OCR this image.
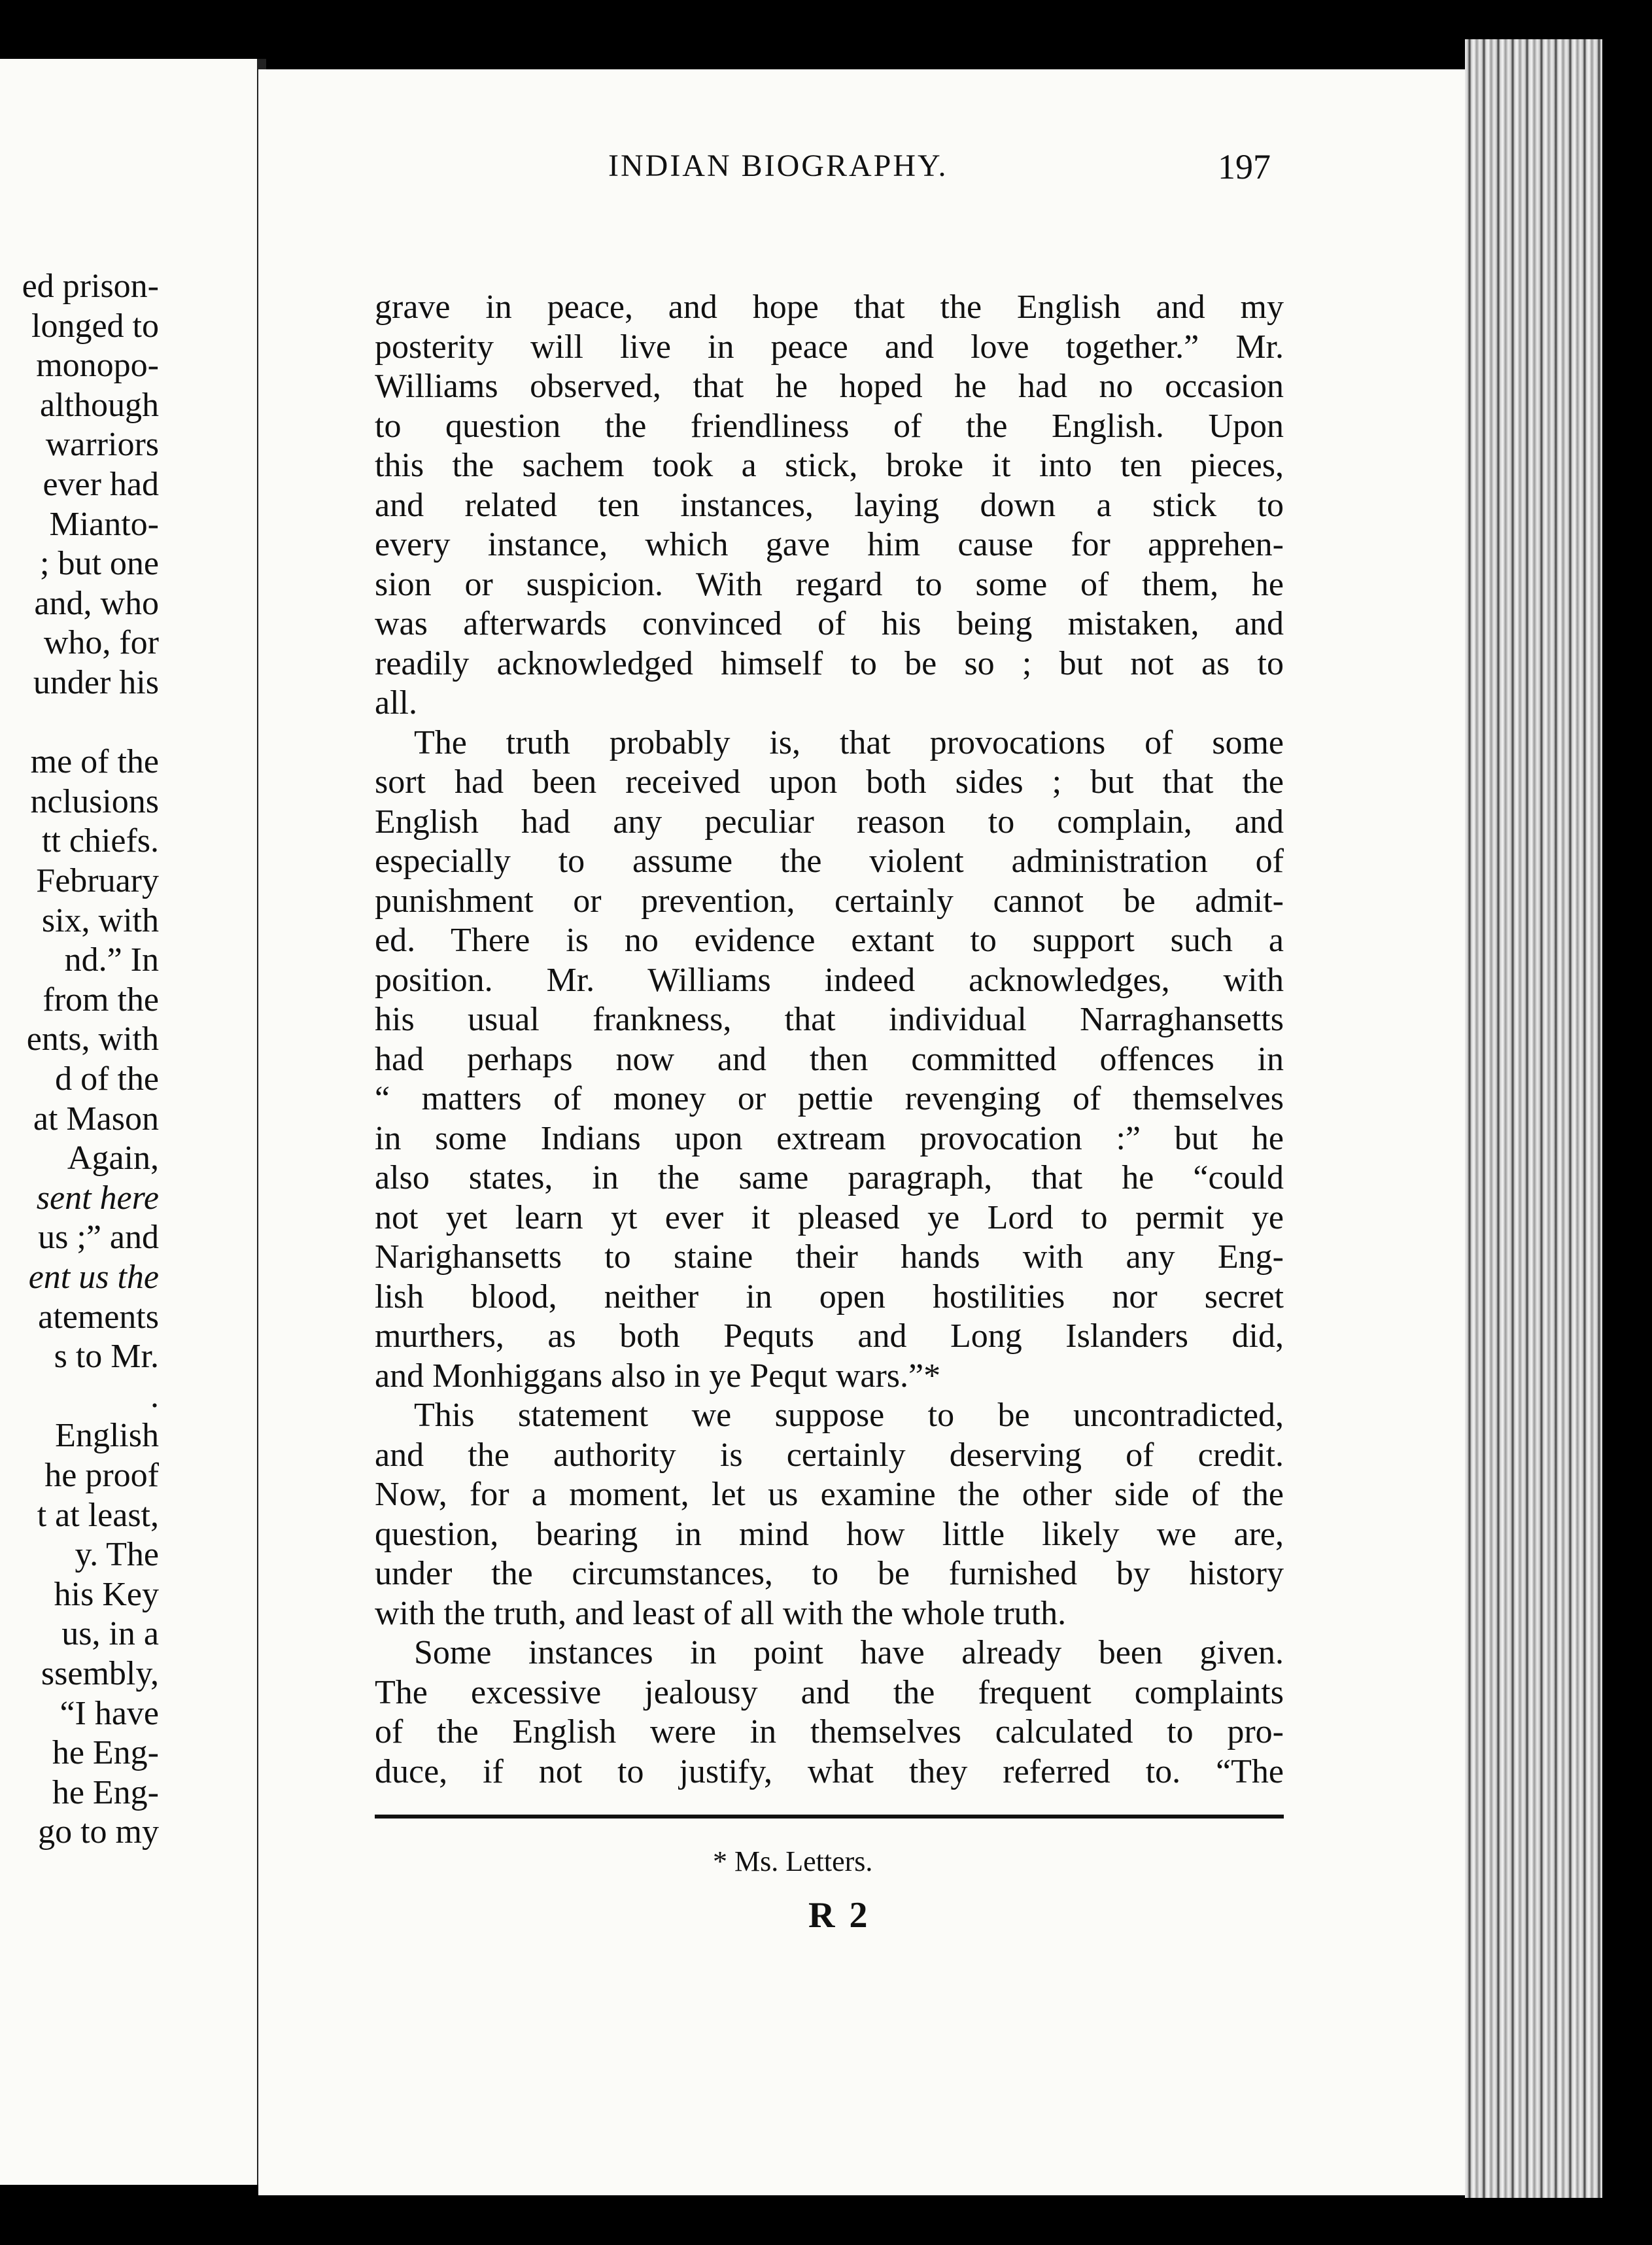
ed prison-
longed to
monopo-
although
warriors
ever had
Mianto-
; but one
and, who
who, for
under his
me of the
nclusions
tt chiefs.
February
six, with
nd.” In
from the
ents, with
d of the
at Mason
Again,
sent here
us ;” and
ent us the
atements
s to Mr.
.
English
he proof
t at least,
y. The
his Key
us, in a
ssembly,
“I have
he Eng-
he Eng-
go to my
INDIAN BIOGRAPHY.	197
grave in peace, and hope that the English and my
posterity will live in peace and love together.” Mr.
Williams observed, that he hoped he had no occasion
to question the friendliness of the English. Upon
this the sachem took a stick, broke it into ten pieces,
and related ten instances, laying down a stick to
every instance, which gave him cause for apprehen-
sion or suspicion. With regard to some of them, he
was afterwards convinced of his being mistaken, and
readily acknowledged himself to be so ; but not as to
all.
The truth probably is, that provocations of some
sort had been received upon both sides ; but that the
English had any peculiar reason to complain, and
especially to assume the violent administration of
punishment or prevention, certainly cannot be admit-
ed. There is no evidence extant to support such a
position. Mr. Williams indeed acknowledges, with
his usual frankness, that individual Narraghansetts
had perhaps now and then committed offences in
“ matters of money or pettie revenging of themselves
in some Indians upon extream provocation :” but he
also states, in the same paragraph, that he “could
not yet learn yt ever it pleased ye Lord to permit ye
Narighansetts to staine their hands with any Eng-
lish blood, neither in open hostilities nor secret
murthers, as both Pequts and Long Islanders did,
and Monhiggans also in ye Pequt wars.”*
This statement we suppose to be uncontradicted,
and the authority is certainly deserving of credit.
Now, for a moment, let us examine the other side of the
question, bearing in mind how little likely we are,
under the circumstances, to be furnished by history
with the truth, and least of all with the whole truth.
Some instances in point have already been given.
The excessive jealousy and the frequent complaints
of the English were in themselves calculated to pro-
duce, if not to justify, what they referred to. “The
* Ms. Letters.
R 2
